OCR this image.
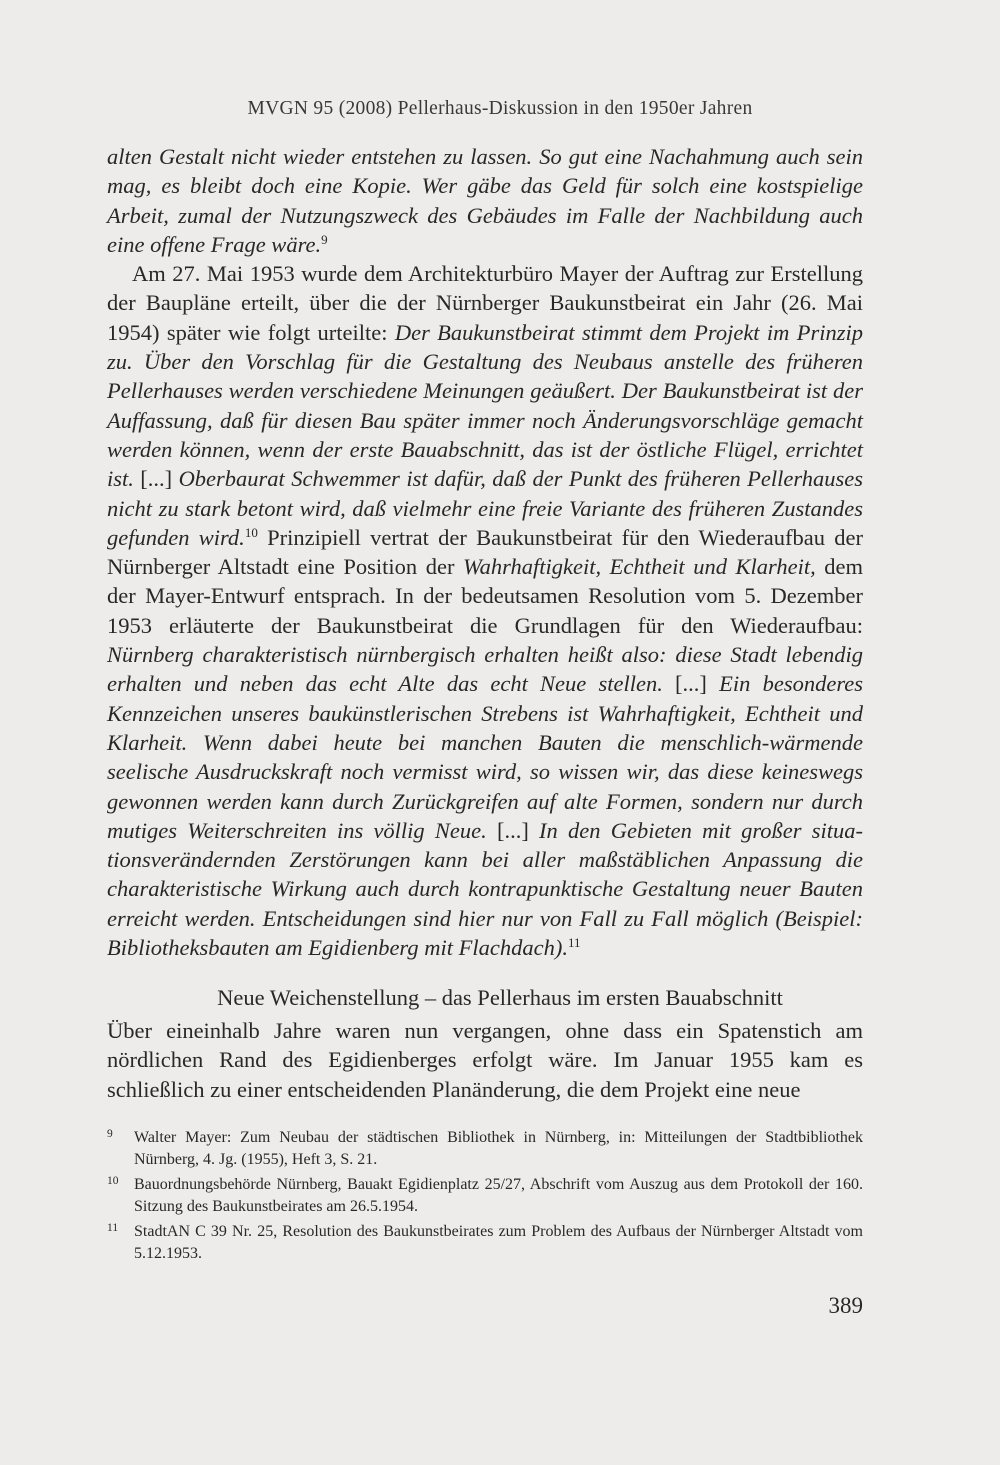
MVGN 95 (2008) Pellerhaus-Diskussion in den 1950er Jahren

alten Gestalt nicht wieder entstehen zu lassen. So gut eine Nachahmung auch sein mag, es bleibt doch eine Kopie. Wer gäbe das Geld für solch eine kostspielige Arbeit, zumal der Nutzungszweck des Gebäudes im Falle der Nachbildung auch eine offene Frage wäre.$^9$

Am 27. Mai 1953 wurde dem Architekturbüro Mayer der Auftrag zur Erstellung der Baupläne erteilt, über die der Nürnberger Baukunstbeirat ein Jahr (26. Mai 1954) später wie folgt urteilte: Der Baukunstbeirat stimmt dem Projekt im Prinzip zu. Über den Vorschlag für die Gestaltung des Neubaus anstelle des früheren Pellerhauses werden verschiedene Meinungen geäußert. Der Baukunstbeirat ist der Auffassung, daß für diesen Bau später immer noch Änderungsvorschläge gemacht werden können, wenn der erste Bauabschnitt, das ist der östliche Flügel, errichtet ist. [...] Oberbaurat Schwemmer ist dafür, daß der Punkt des früheren Pellerhauses nicht zu stark betont wird, daß vielmehr eine freie Variante des früheren Zustandes gefunden wird.$^{10}$ Prinzipiell vertrat der Baukunstbeirat für den Wiederaufbau der Nürnberger Altstadt eine Position der Wahrhaftigkeit, Echtheit und Klarheit, dem der Mayer-Entwurf entsprach. In der bedeutsamen Resolution vom 5. Dezember 1953 erläuterte der Baukunstbeirat die Grundlagen für den Wiederaufbau: Nürnberg charakteristisch nürnbergisch erhalten heißt also: diese Stadt lebendig erhalten und neben das echt Alte das echt Neue stellen. [...] Ein besonderes Kennzeichen unseres baukünstlerischen Strebens ist Wahrhaftigkeit, Echtheit und Klarheit. Wenn dabei heute bei manchen Bauten die menschlich-wärmende seelische Ausdruckskraft noch vermisst wird, so wissen wir, das diese keineswegs gewonnen werden kann durch Zurückgreifen auf alte Formen, sondern nur durch mutiges Weiterschreiten ins völlig Neue. [...] In den Gebieten mit großer situationsverändernden Zerstörungen kann bei aller maßstäblichen Anpassung die charakteristische Wirkung auch durch kontrapunktische Gestaltung neuer Bauten erreicht werden. Entscheidungen sind hier nur von Fall zu Fall möglich (Beispiel: Bibliotheksbauten am Egidienberg mit Flachdach).$^{11}$

Neue Weichenstellung – das Pellerhaus im ersten Bauabschnitt

Über eineinhalb Jahre waren nun vergangen, ohne dass ein Spatenstich am nördlichen Rand des Egidienberges erfolgt wäre. Im Januar 1955 kam es schließlich zu einer entscheidenden Planänderung, die dem Projekt eine neue

9 Walter Mayer: Zum Neubau der städtischen Bibliothek in Nürnberg, in: Mitteilungen der Stadtbibliothek Nürnberg, 4. Jg. (1955), Heft 3, S. 21.
10 Bauordnungsbehörde Nürnberg, Bauakt Egidienplatz 25/27, Abschrift vom Auszug aus dem Protokoll der 160. Sitzung des Baukunstbeirates am 26.5.1954.
11 StadtAN C 39 Nr. 25, Resolution des Baukunstbeirates zum Problem des Aufbaus der Nürnberger Altstadt vom 5.12.1953.
389
